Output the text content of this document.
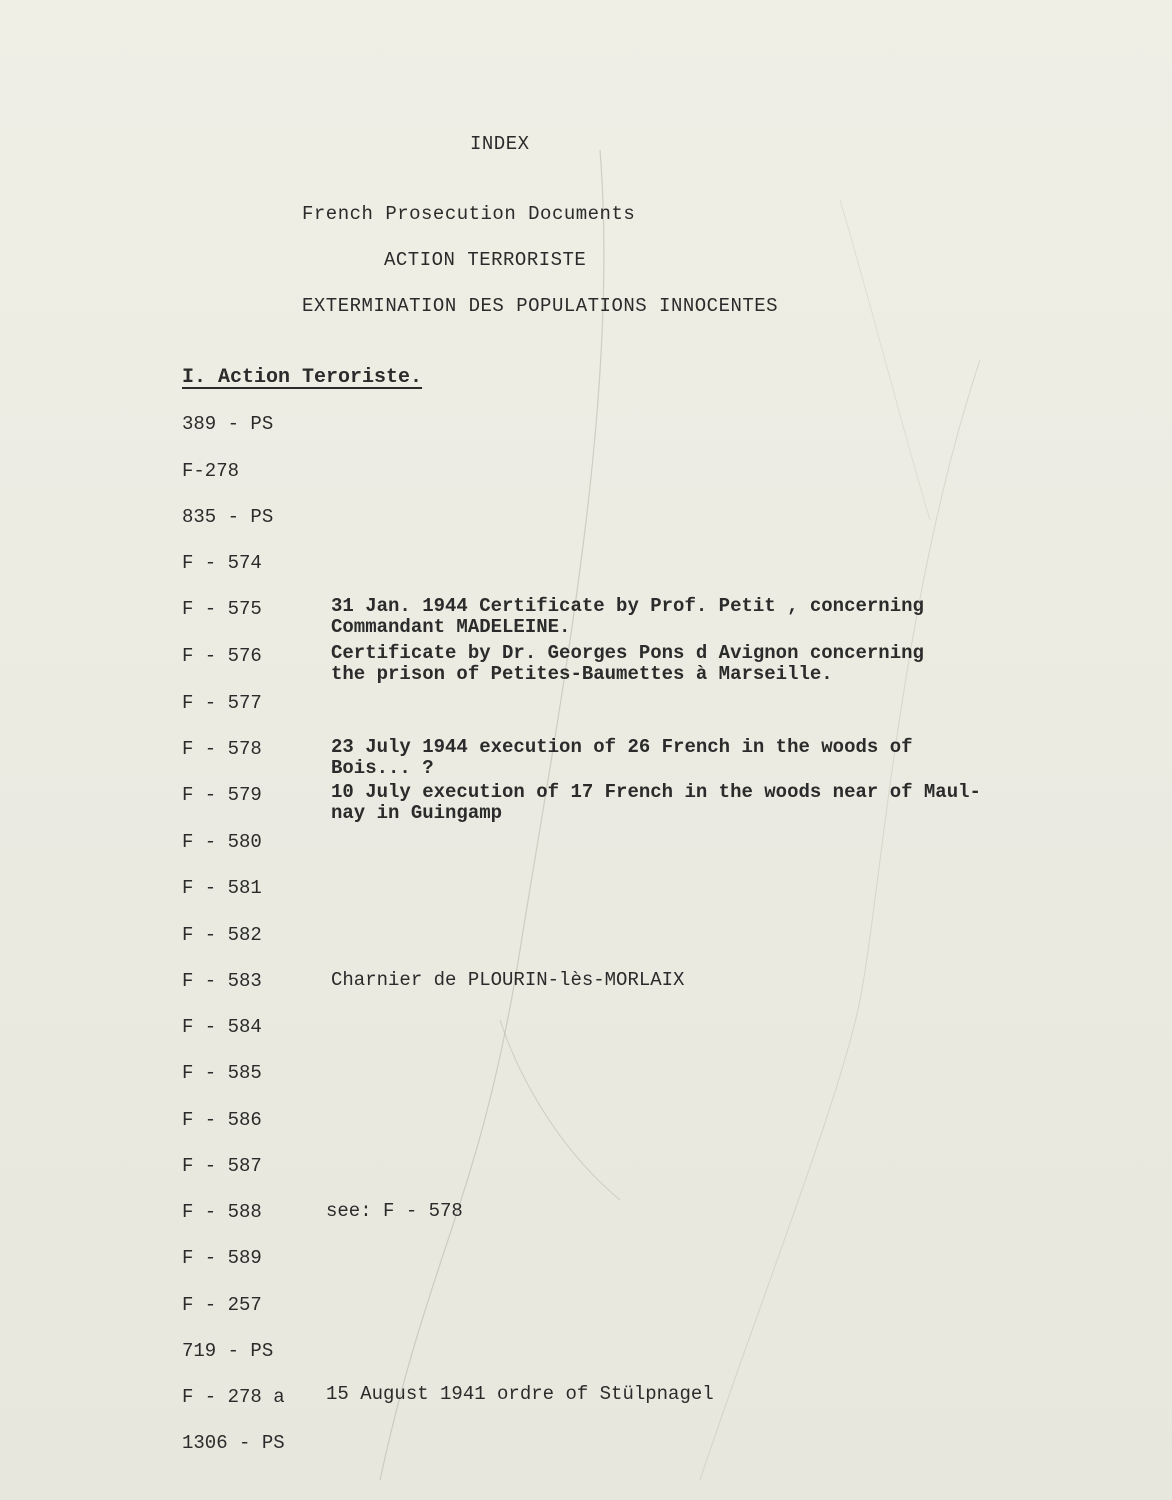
INDEX
French Prosecution Documents
ACTION TERRORISTE
EXTERMINATION DES POPULATIONS INNOCENTES
I. Action Teroriste.
389 - PS
F-278
835 - PS
F - 574
F - 575	31 Jan. 1944 Certificate by Prof. Petit , concerning
Commandant MADELEINE.
F - 576	Certificate by Dr. Georges Pons d Avignon concerning
the prison of Petites-Baumettes à Marseille.
F - 577
F - 578	23 July 1944 execution of 26 French in the woods of
Bois... ?
F - 579	10 July execution of 17 French in the woods near of Maul-
nay in Guingamp
F - 580
F - 581
F - 582
F - 583	Charnier de PLOURIN-lès-MORLAIX
F - 584
F - 585
F - 586
F - 587
F - 588	see: F - 578
F - 589
F - 257
719 - PS
F - 278 a 15 August 1941 ordre of Stülpnagel
1306 - PS
